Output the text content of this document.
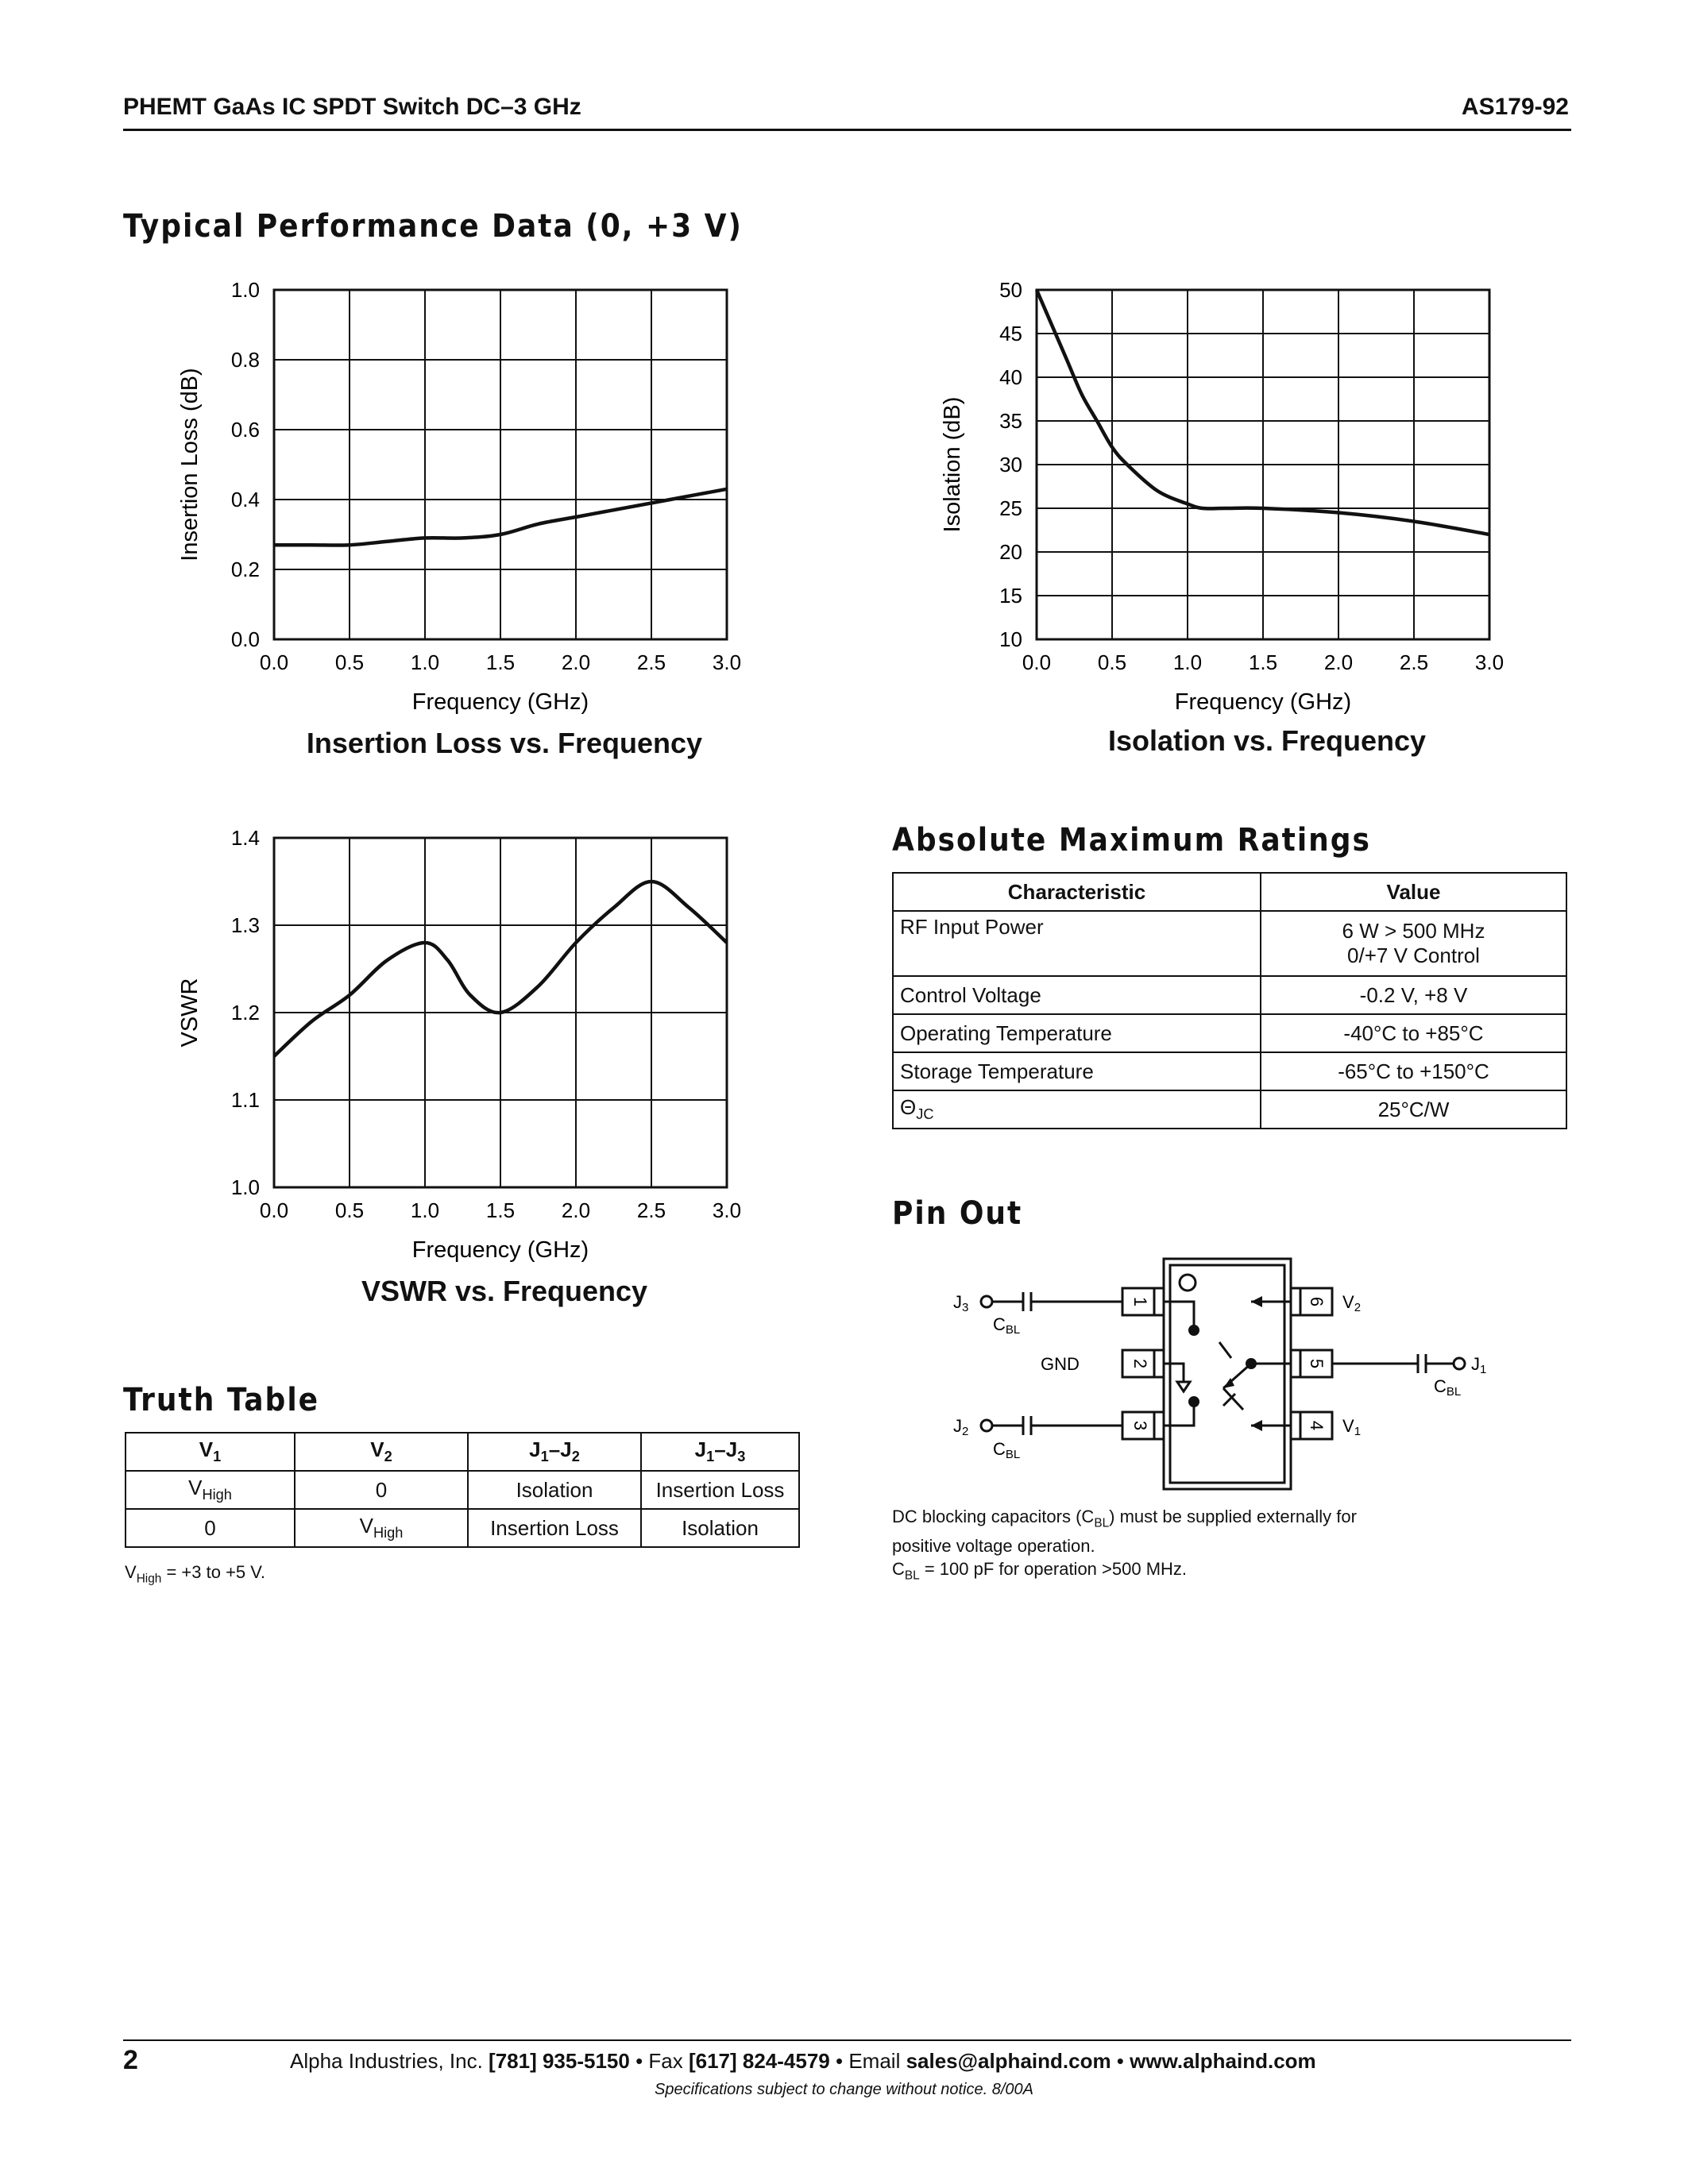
PHEMT GaAs IC SPDT Switch DC–3 GHz	AS179-92
Typical Performance Data (0, +3 V)
0.0 0.5 1.0 1.5 2.0 2.5 3.0
0.0
0.2
0.4
0.6
0.8
1.0
Frequency (GHz)
Insertion Loss (dB)
Insertion Loss vs. Frequency
0.0 0.5 1.0 1.5 2.0 2.5 3.0
10
15
20
25
30
35
40
45
50
Frequency (GHz)
Isolation (dB)
Isolation vs. Frequency
0.0 0.5 1.0 1.5 2.0 2.5 3.0
1.0
1.1
1.2
1.3
1.4
Frequency (GHz)
VSWR
VSWR vs. Frequency
Truth Table
$V_1$	$V_2$	$J_1-J_2$	$J_1-J_3$
$V_{High}$	0	Isolation	Insertion Loss
0	$V_{High}$	Insertion Loss	Isolation
$V_{High} = +3$ to +5 V.
Absolute Maximum Ratings
Characteristic	Value
RF Input Power	6 W > 500 MHz
0/+7 V Control

Control Voltage	-0.2 V, +8 V
Operating Temperature	-40°C to +85°C
Storage Temperature	-65°C to +150°C
$\Theta_{JC}$	25°C/W
Pin Out
1
2
3
6
5
4
J3
J2
J1
V2
V1
GND
CBL
CBL
CBL
DC blocking capacitors $(C_{BL})$ must be supplied externally for
positive voltage operation.
$C_{BL} = 100$ pF for operation >500 MHz.
2	Alpha Industries, Inc. [781] 935-5150 • Fax [617] 824-4579 • Email sales@alphaind.com • www.alphaind.com
Specifications subject to change without notice. 8/00A
